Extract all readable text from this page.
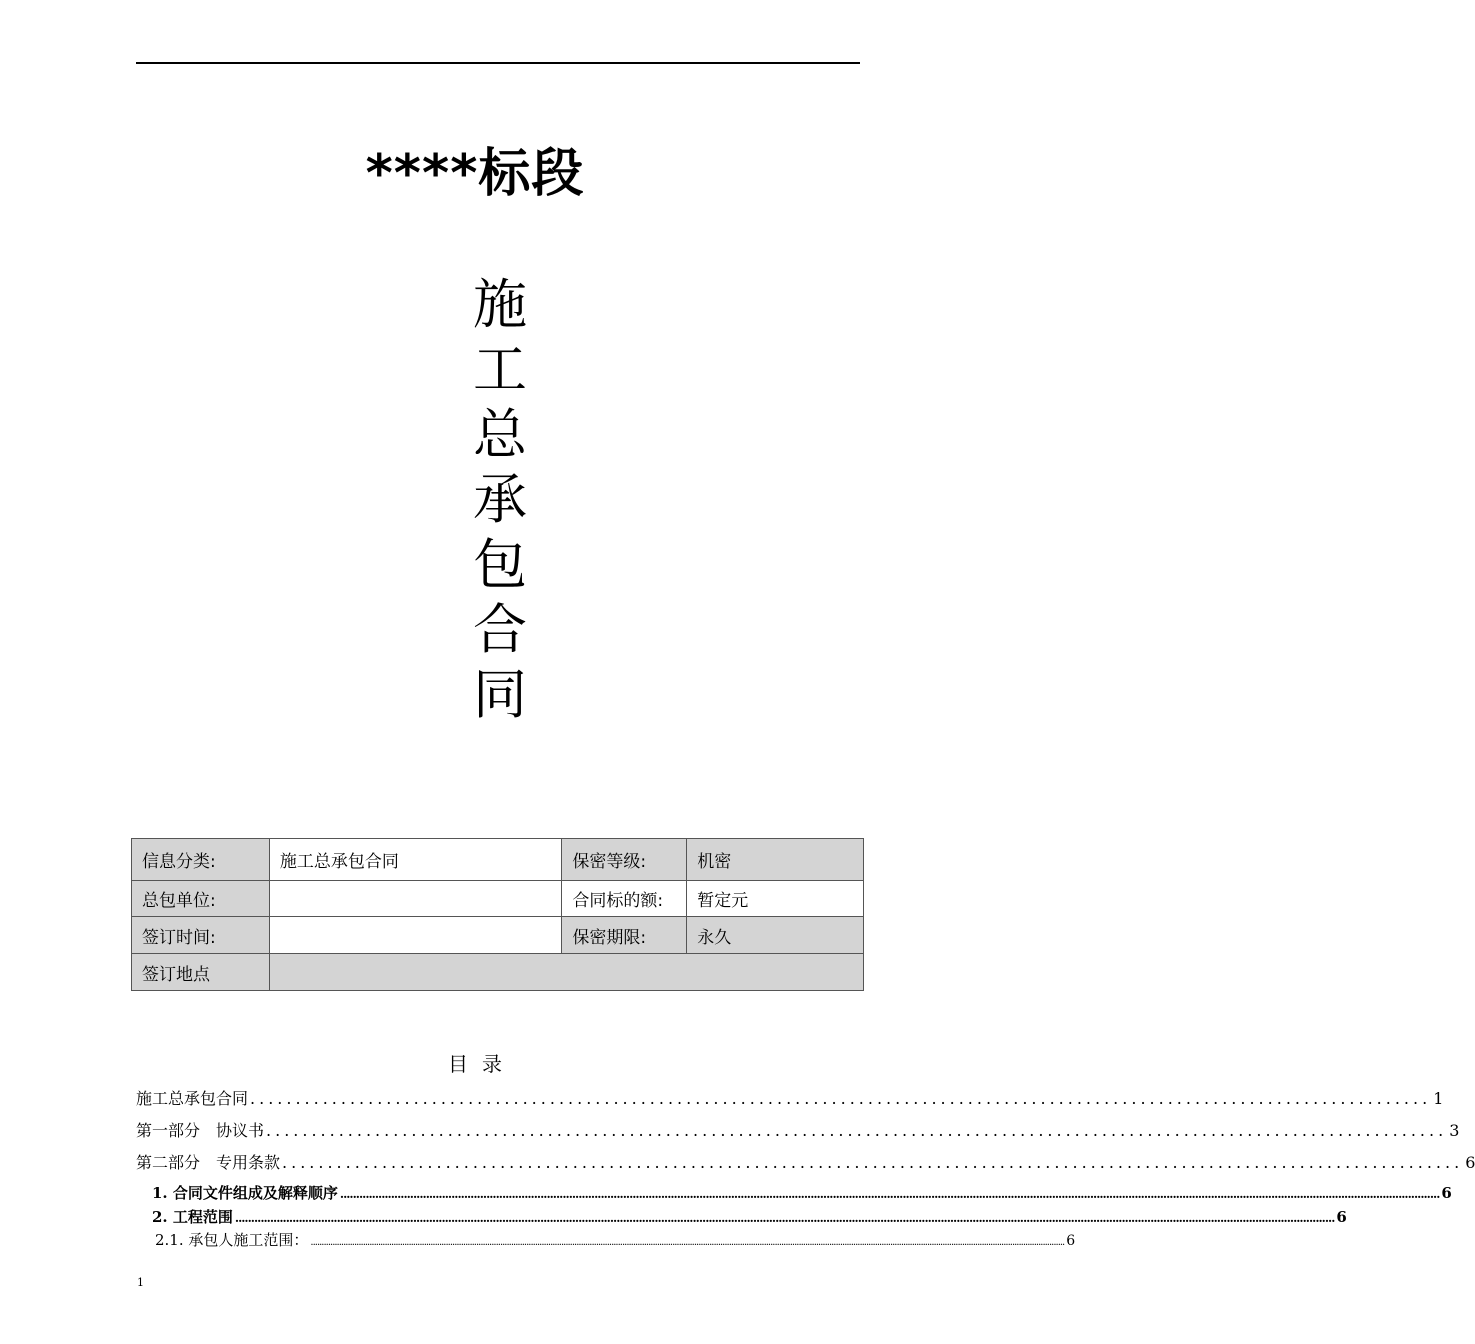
****标段
施
工
总
承
包
合
同
信息分类:	施工总承包合同	保密等级:	机密
总包单位:		合同标的额:	暂定元
签订时间:		保密期限:	永久
签订地点			
目录
施工总承包合同 .................................................................................................................................. 1
第一部分　协议书 .................................................................................................................................. 3
第二部分　专用条款 .................................................................................................................................. 6
1. 合同文件组成及解释顺序 .......................................................................................................................................................................................................................................................................................................................................................... 6
2. 工程范围 .......................................................................................................................................................................................................................................................................................................................................................... 6
2.1. 承包人施工范围： .......................................................................................................................................................................................................................................................................................................................................................... 6
1
